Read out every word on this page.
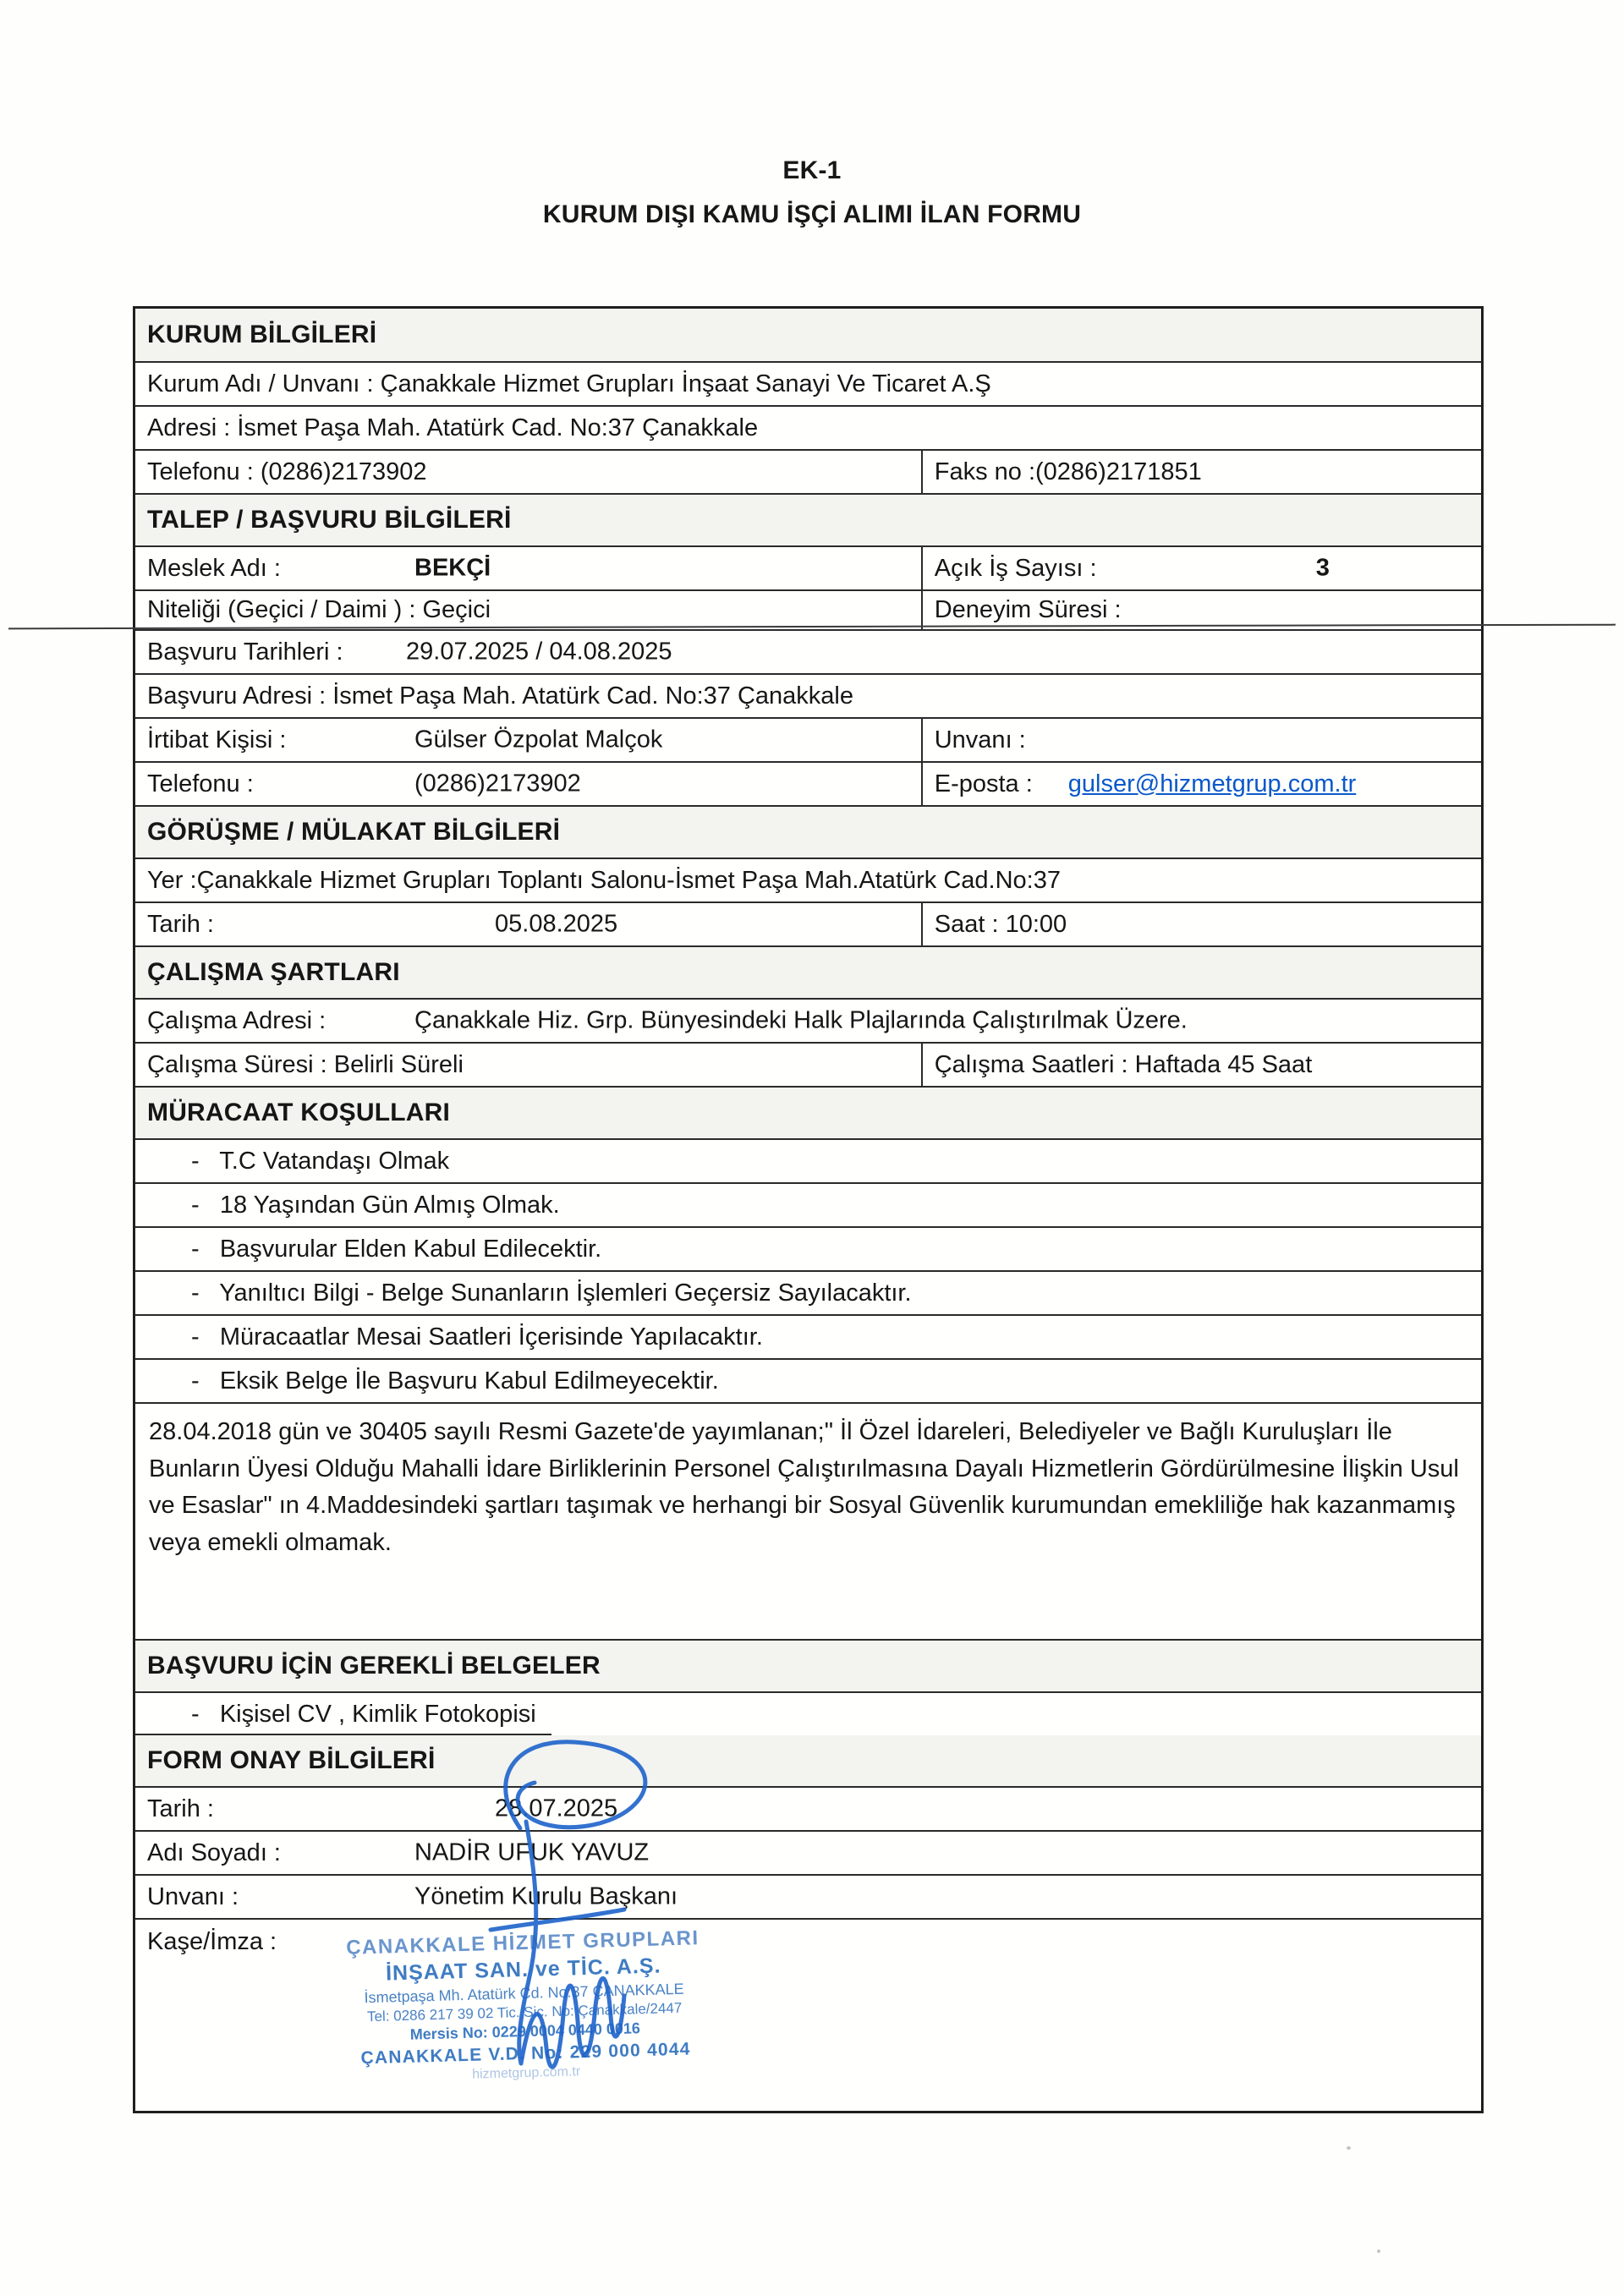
EK-1
KURUM DIŞI KAMU İŞÇİ ALIMI İLAN FORMU
KURUM BİLGİLERİ
Kurum Adı / Unvanı : Çanakkale Hizmet Grupları İnşaat Sanayi Ve Ticaret A.Ş
Adresi : İsmet Paşa Mah. Atatürk Cad. No:37 Çanakkale
Telefonu : (0286)2173902	Faks no :(0286)2171851
TALEP / BAŞVURU BİLGİLERİ
Meslek Adı :	BEKÇİ	Açık İş Sayısı :	3
Niteliği (Geçici / Daimi ) : Geçici	Deneyim Süresi :
Başvuru Tarihleri :	29.07.2025 / 04.08.2025
Başvuru Adresi : İsmet Paşa Mah. Atatürk Cad. No:37 Çanakkale
İrtibat Kişisi :	Gülser Özpolat Malçok	Unvanı :
Telefonu :	(0286)2173902	E-posta : gulser@hizmetgrup.com.tr
GÖRÜŞME / MÜLAKAT BİLGİLERİ
Yer :Çanakkale Hizmet Grupları Toplantı Salonu-İsmet Paşa Mah.Atatürk Cad.No:37
Tarih :	05.08.2025	Saat : 10:00
ÇALIŞMA ŞARTLARI
Çalışma Adresi :	Çanakkale Hiz. Grp. Bünyesindeki Halk Plajlarında Çalıştırılmak Üzere.
Çalışma Süresi : Belirli Süreli	Çalışma Saatleri : Haftada 45 Saat
MÜRACAAT KOŞULLARI
-   T.C Vatandaşı Olmak
-   18 Yaşından Gün Almış Olmak.
-   Başvurular Elden Kabul Edilecektir.
-   Yanıltıcı Bilgi - Belge Sunanların İşlemleri Geçersiz Sayılacaktır.
-   Müracaatlar Mesai Saatleri İçerisinde Yapılacaktır.
-   Eksik Belge İle Başvuru Kabul Edilmeyecektir.
28.04.2018 gün ve 30405 sayılı Resmi Gazete'de yayımlanan;" İl Özel İdareleri, Belediyeler ve Bağlı Kuruluşları İle Bunların Üyesi Olduğu Mahalli İdare Birliklerinin Personel Çalıştırılmasına Dayalı Hizmetlerin Gördürülmesine İlişkin Usul ve Esaslar" ın 4.Maddesindeki şartları taşımak ve herhangi bir Sosyal Güvenlik kurumundan emekliliğe hak kazanmamış veya emekli olmamak.
BAŞVURU İÇİN GEREKLİ BELGELER
-   Kişisel CV , Kimlik Fotokopisi
FORM ONAY BİLGİLERİ
Tarih :	28.07.2025
Adı Soyadı :	NADİR UFUK YAVUZ
Unvanı :	Yönetim Kurulu Başkanı
Kaşe/İmza :	ÇANAKKALE HİZMET GRUPLARI
İNŞAAT SAN. ve TİC. A.Ş.
İsmetpaşa Mh. Atatürk Cd. No:37 ÇANAKKALE
Tel: 0286 217 39 02 Tic. Sic. No: Çanakkale/2447
Mersis No: 0229 0004 0440 0016
ÇANAKKALE V.D. No: 229 000 4044
hizmetgrup.com.tr
